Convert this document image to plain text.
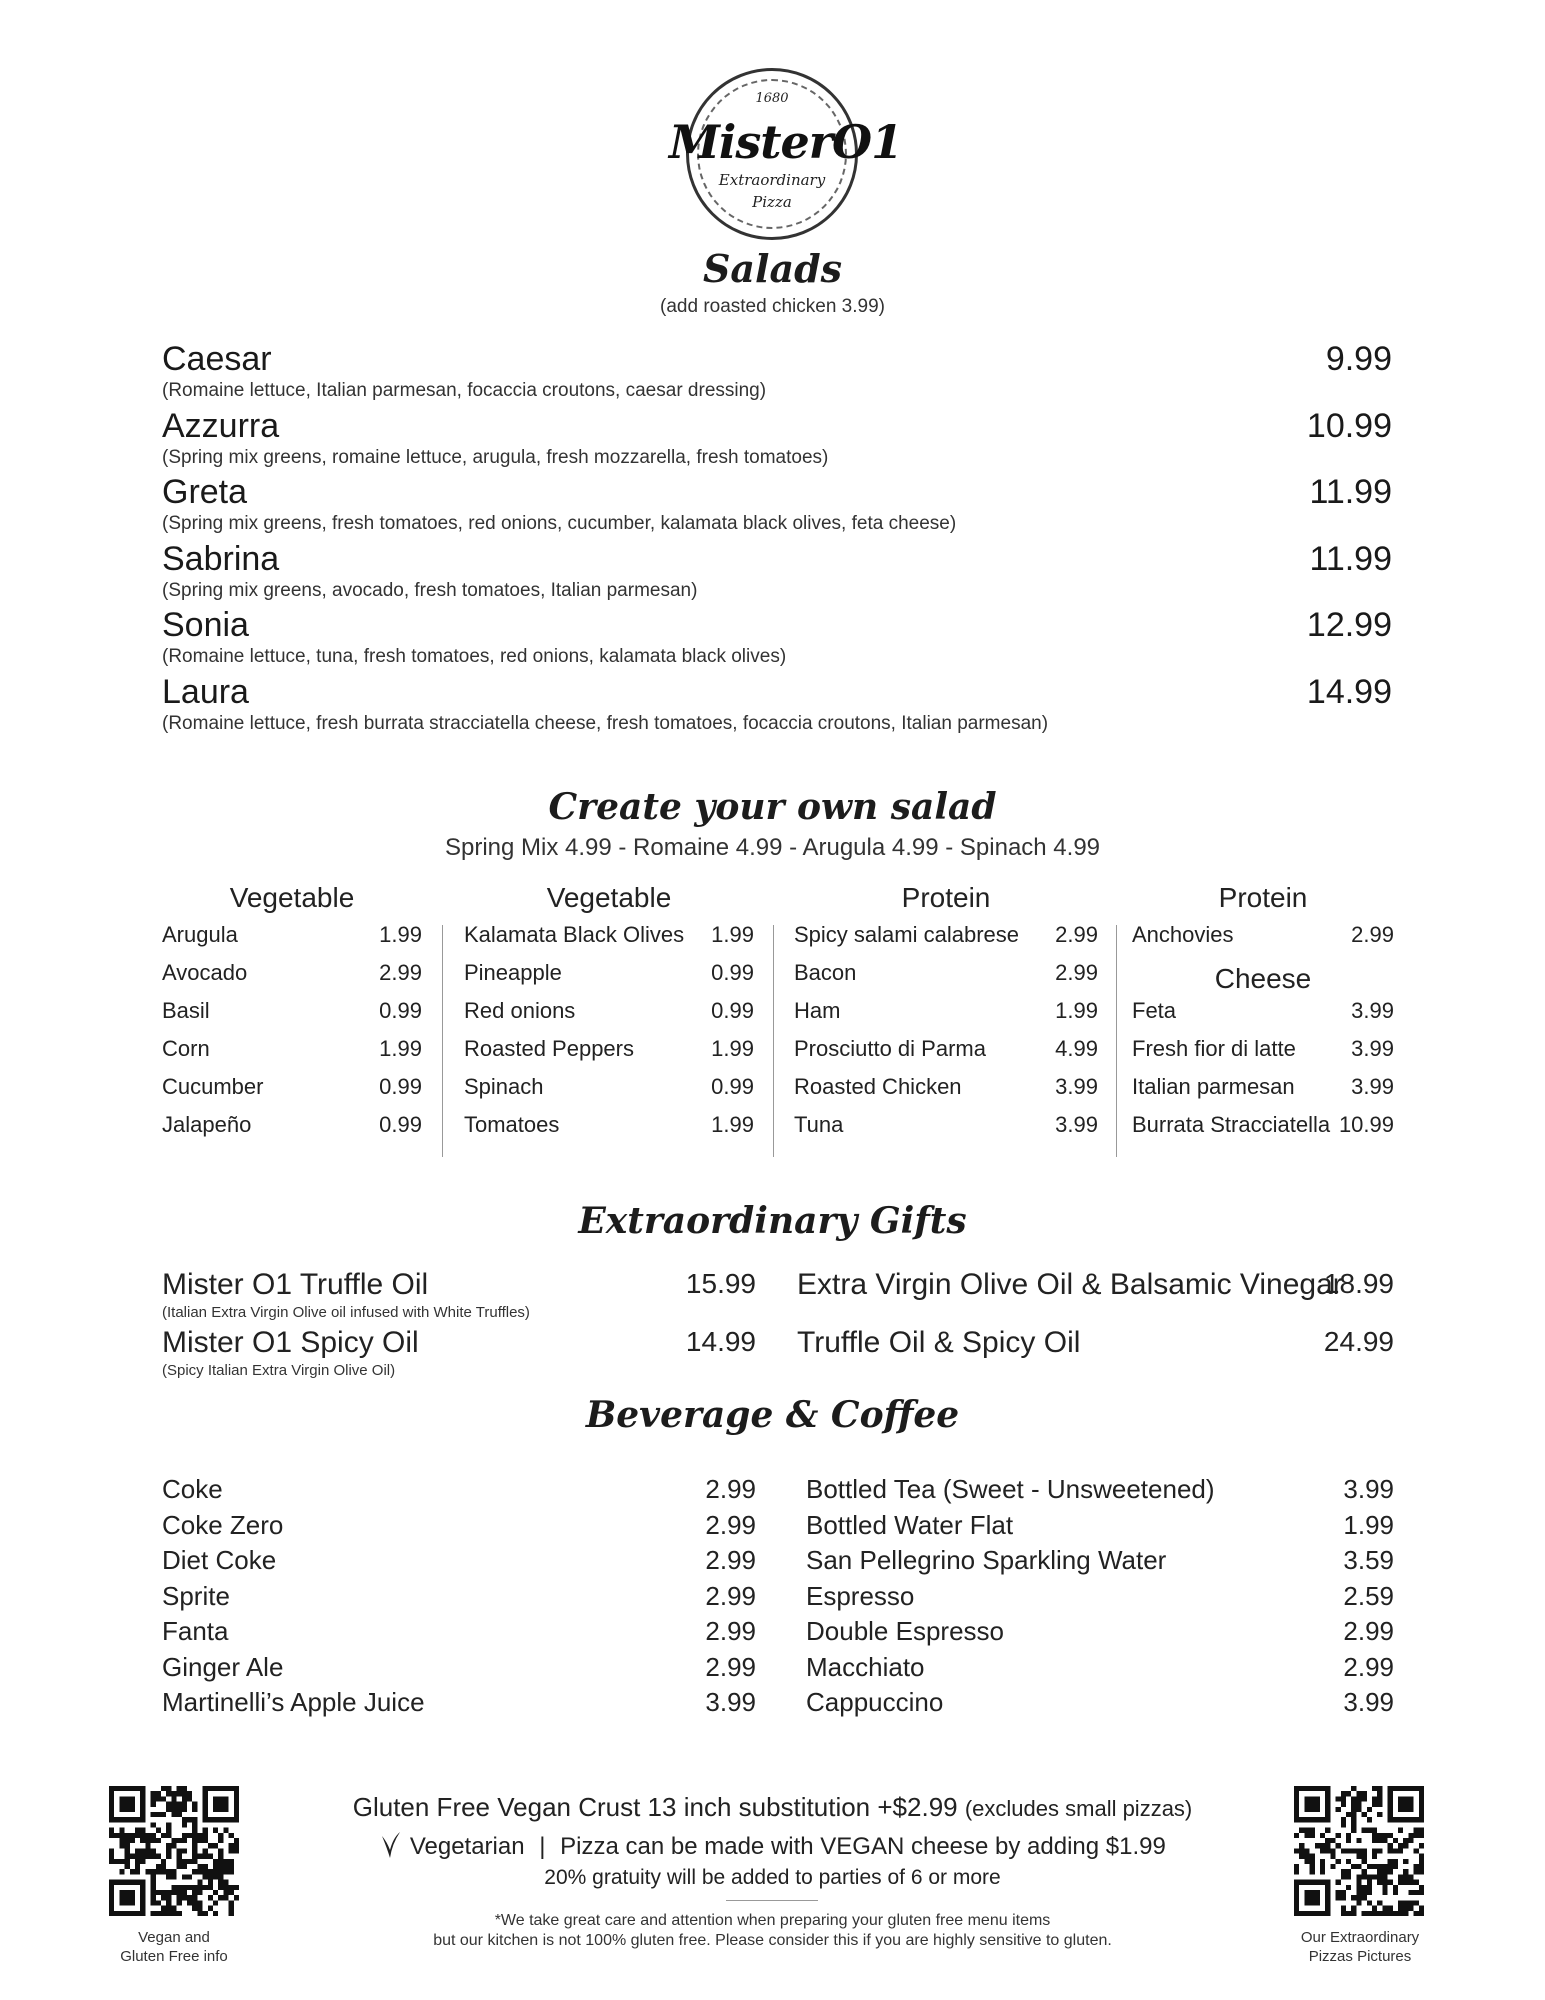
1680
MisterO1
Extraordinary
Pizza
Salads
(add roasted chicken 3.99)
Caesar
(Romaine lettuce, Italian parmesan, focaccia croutons, caesar dressing)
9.99
Azzurra
(Spring mix greens, romaine lettuce, arugula, fresh mozzarella, fresh tomatoes)
10.99
Greta
(Spring mix greens, fresh tomatoes, red onions, cucumber, kalamata black olives, feta cheese)
11.99
Sabrina
(Spring mix greens, avocado, fresh tomatoes, Italian parmesan)
11.99
Sonia
(Romaine lettuce, tuna, fresh tomatoes, red onions, kalamata black olives)
12.99
Laura
(Romaine lettuce, fresh burrata stracciatella cheese, fresh tomatoes, focaccia croutons, Italian parmesan)
14.99
Create your own salad
Spring Mix 4.99 - Romaine 4.99 - Arugula 4.99 - Spinach 4.99
Vegetable
Arugula	1.99
Avocado	2.99
Basil	0.99
Corn	1.99
Cucumber	0.99
Jalapeño	0.99
Vegetable
Kalamata Black Olives 1.99
Pineapple	0.99
Red onions	0.99
Roasted Peppers	1.99
Spinach	0.99
Tomatoes	1.99
Protein
Spicy salami calabrese 2.99
Bacon	2.99
Ham	1.99
Prosciutto di Parma	4.99
Roasted Chicken	3.99
Tuna	3.99
Protein
Anchovies	2.99
Cheese
Feta	3.99
Fresh fior di latte	3.99
Italian parmesan	3.99
Burrata Stracciatella 10.99
Extraordinary Gifts
Mister O1 Truffle Oil
(Italian Extra Virgin Olive oil infused with White Truffles)
15.99
Mister O1 Spicy Oil
(Spicy Italian Extra Virgin Olive Oil)
14.99
Extra Virgin Olive Oil & Balsamic Vinegar
18.99
Truffle Oil & Spicy Oil	24.99
Beverage & Coffee
Coke	2.99
Coke Zero	2.99
Diet Coke	2.99
Sprite	2.99
Fanta	2.99
Ginger Ale	2.99
Martinelli’s Apple Juice	3.99
Bottled Tea (Sweet - Unsweetened)	3.99
Bottled Water Flat	1.99
San Pellegrino Sparkling Water	3.59
Espresso	2.59
Double Espresso	2.99
Macchiato	2.99
Cappuccino	3.99
Gluten Free Vegan Crust 13 inch substitution +$2.99 (excludes small pizzas)
Vegetarian | Pizza can be made with VEGAN cheese by adding $1.99
20% gratuity will be added to parties of 6 or more
*We take great care and attention when preparing your gluten free menu items
but our kitchen is not 100% gluten free. Please consider this if you are highly sensitive to gluten.
Vegan and
Gluten Free info
Our Extraordinary
Pizzas Pictures
